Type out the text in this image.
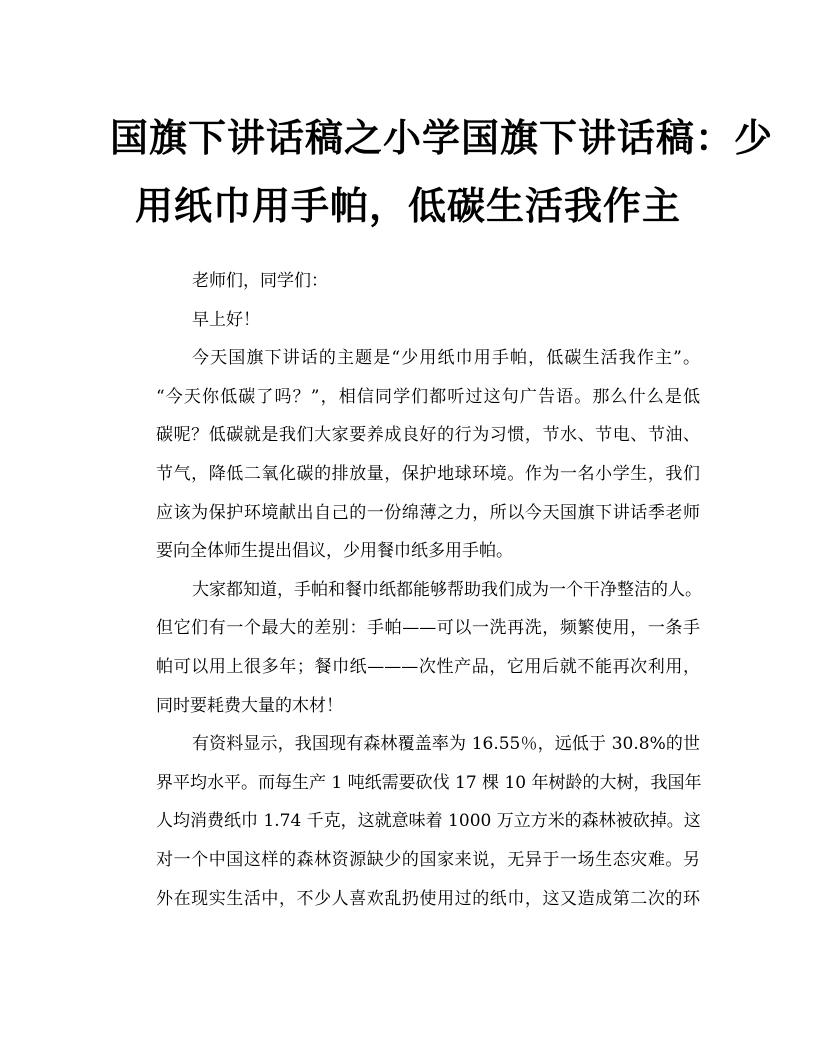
国旗下讲话稿之小学国旗下讲话稿：少
用纸巾用手帕，低碳生活我作主

老师们，同学们：

早上好！

今天国旗下讲话的主题是“少用纸巾用手帕，低碳生活我作主”。
“今天你低碳了吗？”，相信同学们都听过这句广告语。那么什么是低
碳呢？低碳就是我们大家要养成良好的行为习惯，节水、节电、节油、
节气，降低二氧化碳的排放量，保护地球环境。作为一名小学生，我们
应该为保护环境献出自己的一份绵薄之力，所以今天国旗下讲话季老师
要向全体师生提出倡议，少用餐巾纸多用手帕。

大家都知道，手帕和餐巾纸都能够帮助我们成为一个干净整洁的人。
但它们有一个最大的差别：手帕——可以一洗再洗，频繁使用，一条手
帕可以用上很多年；餐巾纸———次性产品，它用后就不能再次利用，
同时要耗费大量的木材！

有资料显示，我国现有森林覆盖率为 16.55％，远低于 30.8%的世
界平均水平。而每生产 1 吨纸需要砍伐 17 棵 10 年树龄的大树，我国年
人均消费纸巾 1.74 千克，这就意味着 1000 万立方米的森林被砍掉。这
对一个中国这样的森林资源缺少的国家来说，无异于一场生态灾难。另
外在现实生活中，不少人喜欢乱扔使用过的纸巾，这又造成第二次的环
